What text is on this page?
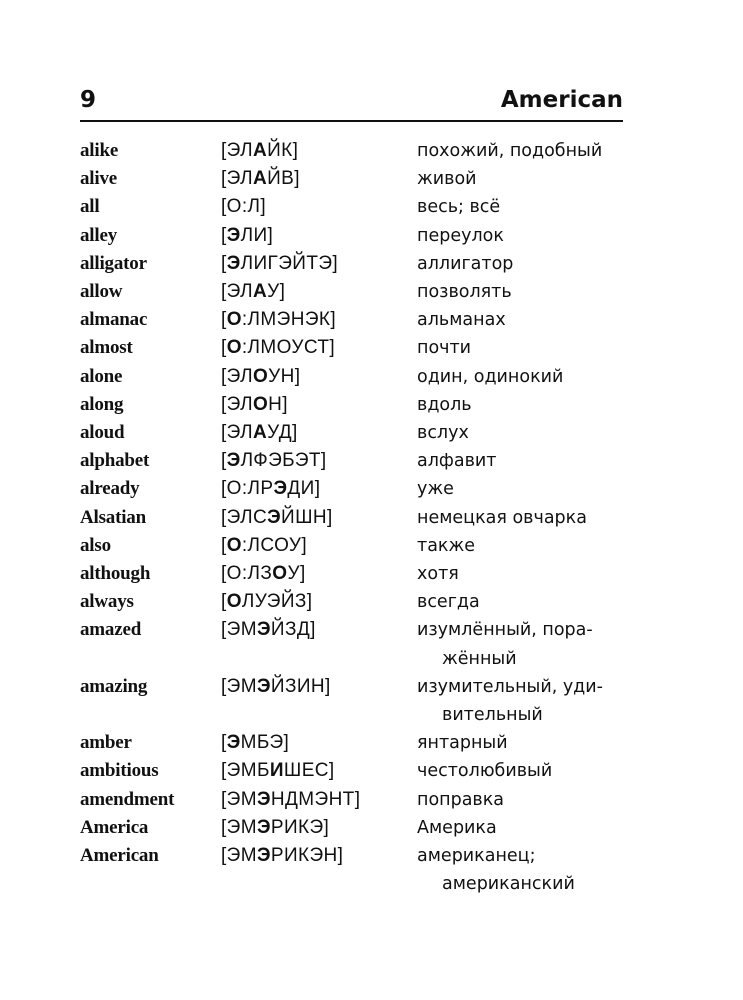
9	American
alike	[ЭЛАЙК]	похожий, подобный
alive	[ЭЛАЙВ]	живой
all	[О:Л]	весь; всё
alley	[ЭЛИ]	переулок
alligator	[ЭЛИГЭЙТЭ]	аллигатор
allow	[ЭЛАУ]	позволять
almanac	[О:ЛМЭНЭК]	альманах
almost	[О:ЛМОУСТ]	почти
alone	[ЭЛОУН]	один, одинокий
along	[ЭЛОН]	вдоль
aloud	[ЭЛАУД]	вслух
alphabet	[ЭЛФЭБЭТ]	алфавит
already	[О:ЛРЭДИ]	уже
Alsatian	[ЭЛСЭЙШН]	немецкая овчарка
also	[О:ЛСОУ]	также
although	[О:ЛЗОУ]	хотя
always	[ОЛУЭЙЗ]	всегда
amazed	[ЭМЭЙЗД]	изумлённый, пора-
жённый
amazing	[ЭМЭЙЗИН]	изумительный, уди-
вительный
amber	[ЭМБЭ]	янтарный
ambitious	[ЭМБИШЕС]	честолюбивый
amendment [ЭМЭНДМЭНТ]	поправка
America	[ЭМЭРИКЭ]	Америка
American	[ЭМЭРИКЭН]	американец;
американский
